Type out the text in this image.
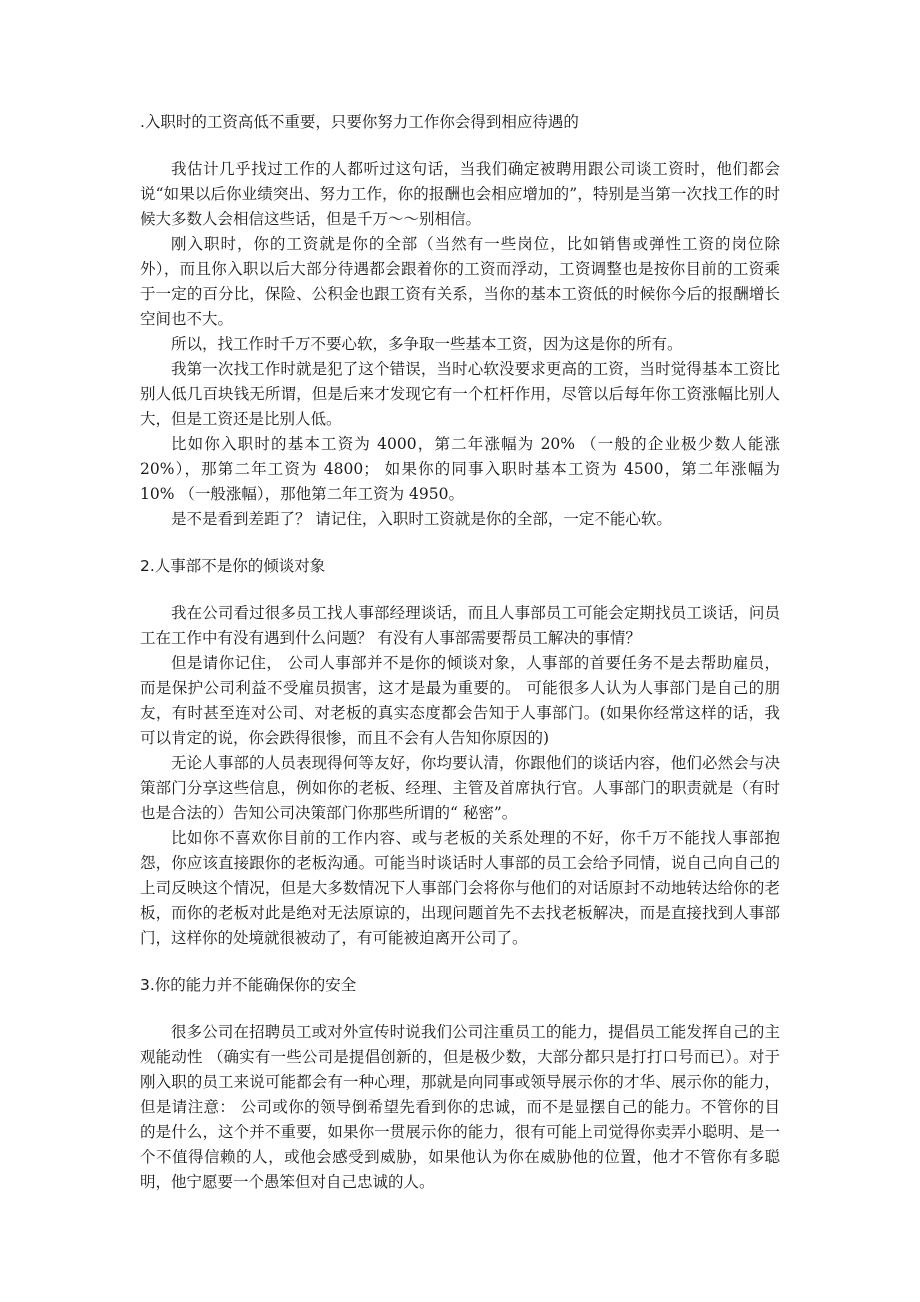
.入职时的工资高低不重要，只要你努力工作你会得到相应待遇的

我估计几乎找过工作的人都听过这句话，当我们确定被聘用跟公司谈工资时，他们都会说“如果以后你业绩突出、努力工作，你的报酬也会相应增加的”，特别是当第一次找工作的时候大多数人会相信这些话，但是千万～～别相信。

刚入职时，你的工资就是你的全部（当然有一些岗位，比如销售或弹性工资的岗位除外），而且你入职以后大部分待遇都会跟着你的工资而浮动，工资调整也是按你目前的工资乘于一定的百分比，保险、公积金也跟工资有关系，当你的基本工资低的时候你今后的报酬增长空间也不大。

所以，找工作时千万不要心软，多争取一些基本工资，因为这是你的所有。

我第一次找工作时就是犯了这个错误，当时心软没要求更高的工资，当时觉得基本工资比别人低几百块钱无所谓，但是后来才发现它有一个杠杆作用，尽管以后每年你工资涨幅比别人大，但是工资还是比别人低。

比如你入职时的基本工资为 4000，第二年涨幅为 20% （一般的企业极少数人能涨 20%），那第二年工资为 4800； 如果你的同事入职时基本工资为 4500，第二年涨幅为 10% （一般涨幅），那他第二年工资为 4950。

是不是看到差距了？ 请记住，入职时工资就是你的全部，一定不能心软。

2.人事部不是你的倾谈对象

我在公司看过很多员工找人事部经理谈话，而且人事部员工可能会定期找员工谈话，问员工在工作中有没有遇到什么问题？ 有没有人事部需要帮员工解决的事情？

但是请你记住， 公司人事部并不是你的倾谈对象，人事部的首要任务不是去帮助雇员，而是保护公司利益不受雇员损害，这才是最为重要的。 可能很多人认为人事部门是自己的朋友，有时甚至连对公司、对老板的真实态度都会告知于人事部门。(如果你经常这样的话，我可以肯定的说，你会跌得很惨，而且不会有人告知你原因的)

无论人事部的人员表现得何等友好，你均要认清，你跟他们的谈话内容，他们必然会与决策部门分享这些信息，例如你的老板、经理、主管及首席执行官。人事部门的职责就是（有时也是合法的）告知公司决策部门你那些所谓的“ 秘密”。

比如你不喜欢你目前的工作内容、或与老板的关系处理的不好，你千万不能找人事部抱怨，你应该直接跟你的老板沟通。可能当时谈话时人事部的员工会给予同情，说自己向自己的上司反映这个情况，但是大多数情况下人事部门会将你与他们的对话原封不动地转达给你的老板，而你的老板对此是绝对无法原谅的，出现问题首先不去找老板解决，而是直接找到人事部门，这样你的处境就很被动了，有可能被迫离开公司了。

3.你的能力并不能确保你的安全

很多公司在招聘员工或对外宣传时说我们公司注重员工的能力，提倡员工能发挥自己的主观能动性 （确实有一些公司是提倡创新的，但是极少数，大部分都只是打打口号而已）。对于刚入职的员工来说可能都会有一种心理，那就是向同事或领导展示你的才华、展示你的能力，但是请注意： 公司或你的领导倒希望先看到你的忠诚，而不是显摆自己的能力。不管你的目的是什么，这个并不重要，如果你一贯展示你的能力，很有可能上司觉得你卖弄小聪明、是一个不值得信赖的人，或他会感受到威胁，如果他认为你在威胁他的位置，他才不管你有多聪明，他宁愿要一个愚笨但对自己忠诚的人。
